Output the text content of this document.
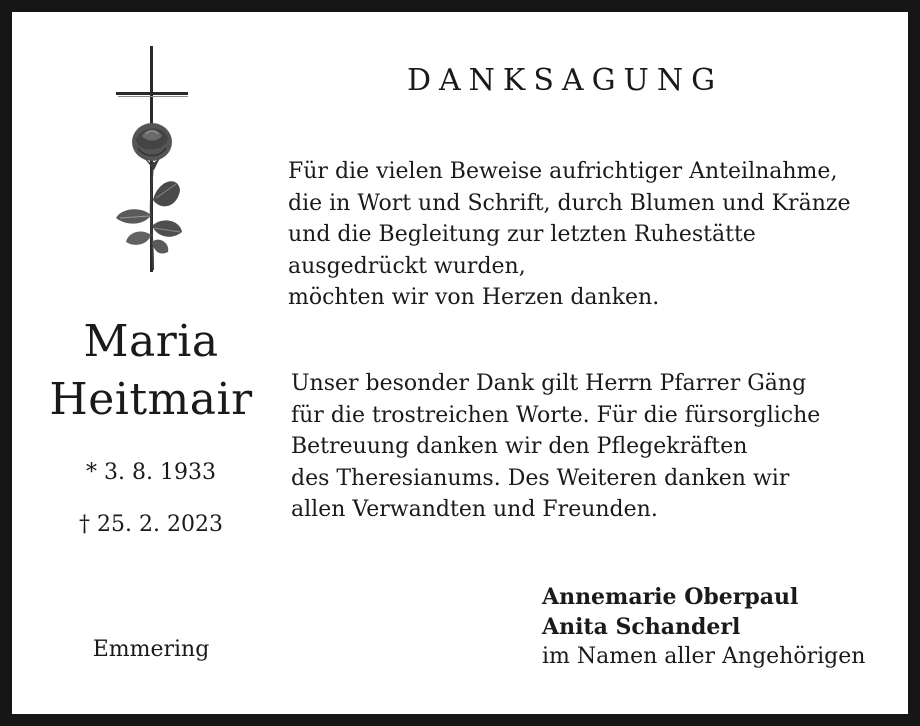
DANKSAGUNG
Maria
Heitmair
* 3. 8. 1933
† 25. 2. 2023
Emmering
Für die vielen Beweise aufrichtiger Anteilnahme,
die in Wort und Schrift, durch Blumen und Kränze
und die Begleitung zur letzten Ruhestätte
ausgedrückt wurden,
möchten wir von Herzen danken.
Unser besonder Dank gilt Herrn Pfarrer Gäng
für die trostreichen Worte. Für die fürsorgliche
Betreuung danken wir den Pflegekräften
des Theresianums. Des Weiteren danken wir
allen Verwandten und Freunden.
Annemarie Oberpaul
Anita Schanderl
im Namen aller Angehörigen
